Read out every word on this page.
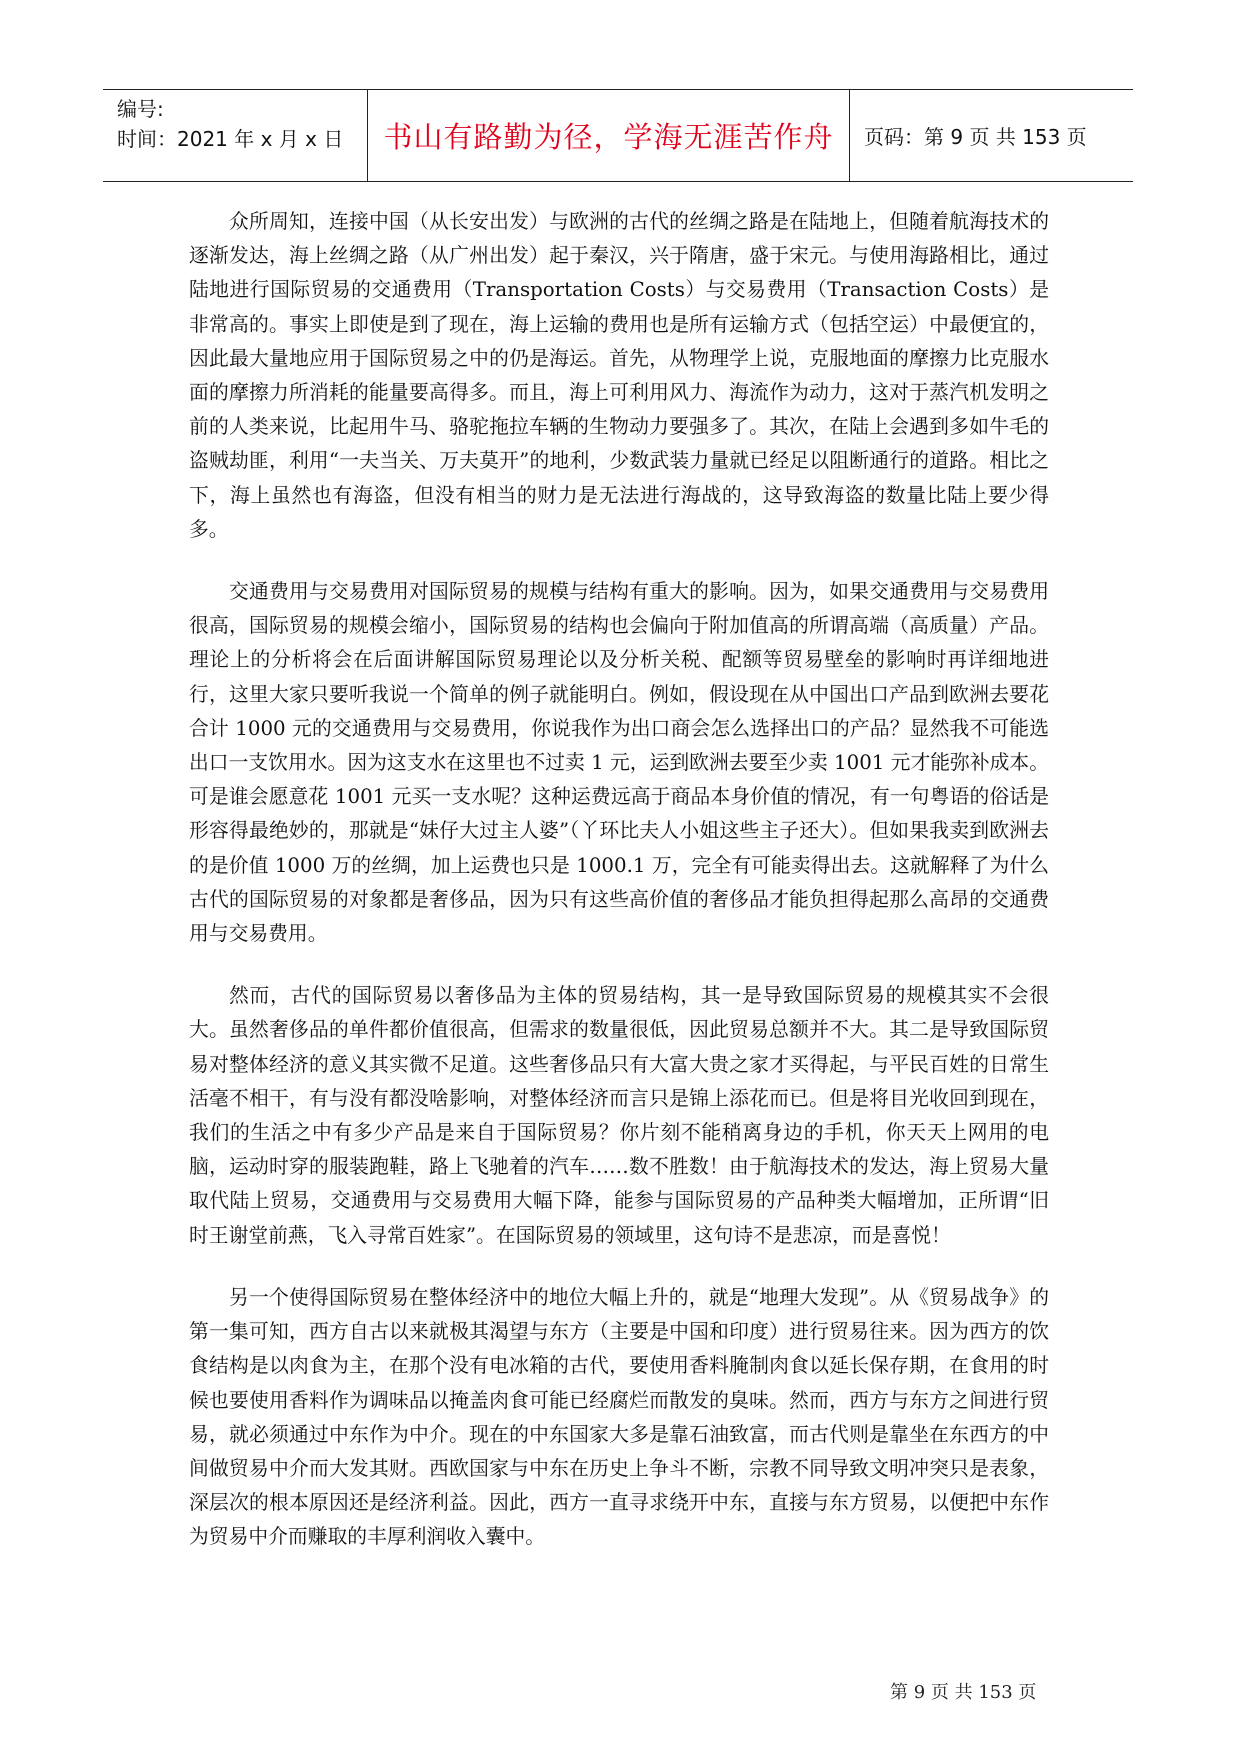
编号:
时间：2021 年 x 月 x 日	书山有路勤为径，学海无涯苦作舟	页码：第 9 页 共 153 页

众所周知，连接中国（从长安出发）与欧洲的古代的丝绸之路是在陆地上，但随着航海技术的逐渐发达，海上丝绸之路（从广州出发）起于秦汉，兴于隋唐，盛于宋元。与使用海路相比，通过陆地进行国际贸易的交通费用（Transportation Costs）与交易费用（Transaction Costs）是非常高的。事实上即使是到了现在，海上运输的费用也是所有运输方式（包括空运）中最便宜的，因此最大量地应用于国际贸易之中的仍是海运。首先，从物理学上说，克服地面的摩擦力比克服水面的摩擦力所消耗的能量要高得多。而且，海上可利用风力、海流作为动力，这对于蒸汽机发明之前的人类来说，比起用牛马、骆驼拖拉车辆的生物动力要强多了。其次，在陆上会遇到多如牛毛的盗贼劫匪，利用“一夫当关、万夫莫开”的地利，少数武装力量就已经足以阻断通行的道路。相比之下，海上虽然也有海盗，但没有相当的财力是无法进行海战的，这导致海盗的数量比陆上要少得多。

交通费用与交易费用对国际贸易的规模与结构有重大的影响。因为，如果交通费用与交易费用很高，国际贸易的规模会缩小，国际贸易的结构也会偏向于附加值高的所谓高端（高质量）产品。理论上的分析将会在后面讲解国际贸易理论以及分析关税、配额等贸易壁垒的影响时再详细地进行，这里大家只要听我说一个简单的例子就能明白。例如，假设现在从中国出口产品到欧洲去要花合计 1000 元的交通费用与交易费用，你说我作为出口商会怎么选择出口的产品？显然我不可能选出口一支饮用水。因为这支水在这里也不过卖 1 元，运到欧洲去要至少卖 1001 元才能弥补成本。可是谁会愿意花 1001 元买一支水呢？这种运费远高于商品本身价值的情况，有一句粤语的俗话是形容得最绝妙的，那就是“妹仔大过主人婆”（丫环比夫人小姐这些主子还大）。但如果我卖到欧洲去的是价值 1000 万的丝绸，加上运费也只是 1000.1 万，完全有可能卖得出去。这就解释了为什么古代的国际贸易的对象都是奢侈品，因为只有这些高价值的奢侈品才能负担得起那么高昂的交通费用与交易费用。

然而，古代的国际贸易以奢侈品为主体的贸易结构，其一是导致国际贸易的规模其实不会很大。虽然奢侈品的单件都价值很高，但需求的数量很低，因此贸易总额并不大。其二是导致国际贸易对整体经济的意义其实微不足道。这些奢侈品只有大富大贵之家才买得起，与平民百姓的日常生活毫不相干，有与没有都没啥影响，对整体经济而言只是锦上添花而已。但是将目光收回到现在，我们的生活之中有多少产品是来自于国际贸易？你片刻不能稍离身边的手机，你天天上网用的电脑，运动时穿的服装跑鞋，路上飞驰着的汽车……数不胜数！由于航海技术的发达，海上贸易大量取代陆上贸易，交通费用与交易费用大幅下降，能参与国际贸易的产品种类大幅增加，正所谓“旧时王谢堂前燕，飞入寻常百姓家”。在国际贸易的领域里，这句诗不是悲凉，而是喜悦！

另一个使得国际贸易在整体经济中的地位大幅上升的，就是“地理大发现”。从《贸易战争》的第一集可知，西方自古以来就极其渴望与东方（主要是中国和印度）进行贸易往来。因为西方的饮食结构是以肉食为主，在那个没有电冰箱的古代，要使用香料腌制肉食以延长保存期，在食用的时候也要使用香料作为调味品以掩盖肉食可能已经腐烂而散发的臭味。然而，西方与东方之间进行贸易，就必须通过中东作为中介。现在的中东国家大多是靠石油致富，而古代则是靠坐在东西方的中间做贸易中介而大发其财。西欧国家与中东在历史上争斗不断，宗教不同导致文明冲突只是表象，深层次的根本原因还是经济利益。因此，西方一直寻求绕开中东，直接与东方贸易，以便把中东作为贸易中介而赚取的丰厚利润收入囊中。

第 9 页 共 153 页
